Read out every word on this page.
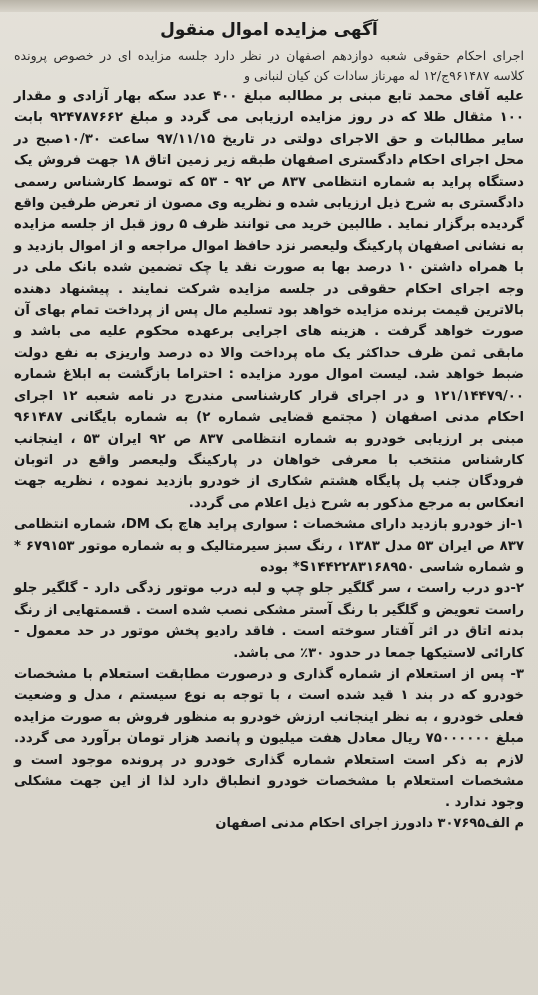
آگهی مزایده اموال منقول

اجرای احکام حقوقی شعبه دوازدهم اصفهان در نظر دارد جلسه مزایده ای در خصوص پرونده کلاسه ۹۶۱۴۸۷ج/۱۲ له مهرناز سادات کن کیان لنبانی و

علیه آقای محمد تابع مبنی بر مطالبه مبلغ ۴۰۰ عدد سکه بهار آزادی و مقدار ۱۰۰ مثقال طلا که در روز مزایده ارزیابی می گردد و مبلغ ۹۲۴۷۸۷۶۶۲ بابت سایر مطالبات و حق الاجرای دولتی در تاریخ ۹۷/۱۱/۱۵ ساعت ۱۰/۳۰صبح در محل اجرای احکام دادگستری اصفهان طبقه زیر زمین اتاق ۱۸ جهت فروش یک دستگاه پراید به شماره انتظامی ۸۳۷ ص ۹۲ - ۵۳ که توسط کارشناس رسمی دادگستری به شرح ذیل ارزیابی شده و نظریه وی مصون از تعرض طرفین واقع گردیده برگزار نماید . طالبین خرید می توانند ظرف ۵ روز قبل از جلسه مزایده به نشانی اصفهان پارکینگ ولیعصر نزد حافظ اموال مراجعه و از اموال بازدید و با همراه داشتن ۱۰ درصد بها به صورت نقد یا چک تضمین شده بانک ملی در وجه اجرای احکام حقوقی در جلسه مزایده شرکت نمایند . پیشنهاد دهنده بالاترین قیمت برنده مزایده خواهد بود تسلیم مال پس از پرداخت تمام بهای آن صورت خواهد گرفت . هزینه های اجرایی برعهده محکوم علیه می باشد و مابقی ثمن ظرف حداکثر یک ماه پرداخت والا ده درصد واریزی به نفع دولت ضبط خواهد شد. لیست اموال مورد مزایده : احتراما بازگشت به ابلاغ شماره ۱۲۱/۱۴۴۷۹/۰۰ و در اجرای قرار کارشناسی مندرج در نامه شعبه ۱۲ اجرای احکام مدنی اصفهان ( مجتمع قضایی شماره ۲) به شماره بایگانی ۹۶۱۴۸۷ مبنی بر ارزیابی خودرو به شماره انتظامی ۸۳۷ ص ۹۲ ایران ۵۳ ، اینجانب کارشناس منتخب با معرفی خواهان در پارکینگ ولیعصر واقع در اتوبان فرودگان جنب پل پایگاه هشتم شکاری از خودرو بازدید نموده ، نظریه جهت انعکاس به مرجع مذکور به شرح ذیل اعلام می گردد.

۱-از خودرو بازدید دارای مشخصات : سواری پراید هاچ بک DM، شماره انتظامی ۸۳۷ ص ایران ۵۳ مدل ۱۳۸۳ ، رنگ سبز سیرمتالیک و به شماره موتور ۶۷۹۱۵۳ * و شماره شاسی S۱۴۴۲۲۸۳۱۶۸۹۵۰* بوده

۲-دو درب راست ، سر گلگیر جلو چپ و لبه درب موتور زدگی دارد - گلگیر جلو راست تعویض و گلگیر با رنگ آستر مشکی نصب شده است . قسمتهایی از رنگ بدنه اتاق در اثر آفتار سوخته است . فاقد رادیو پخش موتور در حد معمول - کارائی لاستیکها جمعا در حدود ۳۰٪ می باشد.

۳- پس از استعلام از شماره گذاری و درصورت مطابقت استعلام با مشخصات خودرو که در بند ۱ قید شده است ، با توجه به نوع سیستم ، مدل و وضعیت فعلی خودرو ، به نظر اینجانب ارزش خودرو به منظور فروش به صورت مزایده مبلغ ۷۵۰۰۰۰۰۰ ریال معادل هفت میلیون و پانصد هزار تومان برآورد می گردد. لازم به ذکر است استعلام شماره گذاری خودرو در پرونده موجود است و مشخصات استعلام با مشخصات خودرو انطباق دارد لذا از این جهت مشکلی وجود ندارد .

م الف۳۰۷۶۹۵ دادورز اجرای احکام مدنی اصفهان
